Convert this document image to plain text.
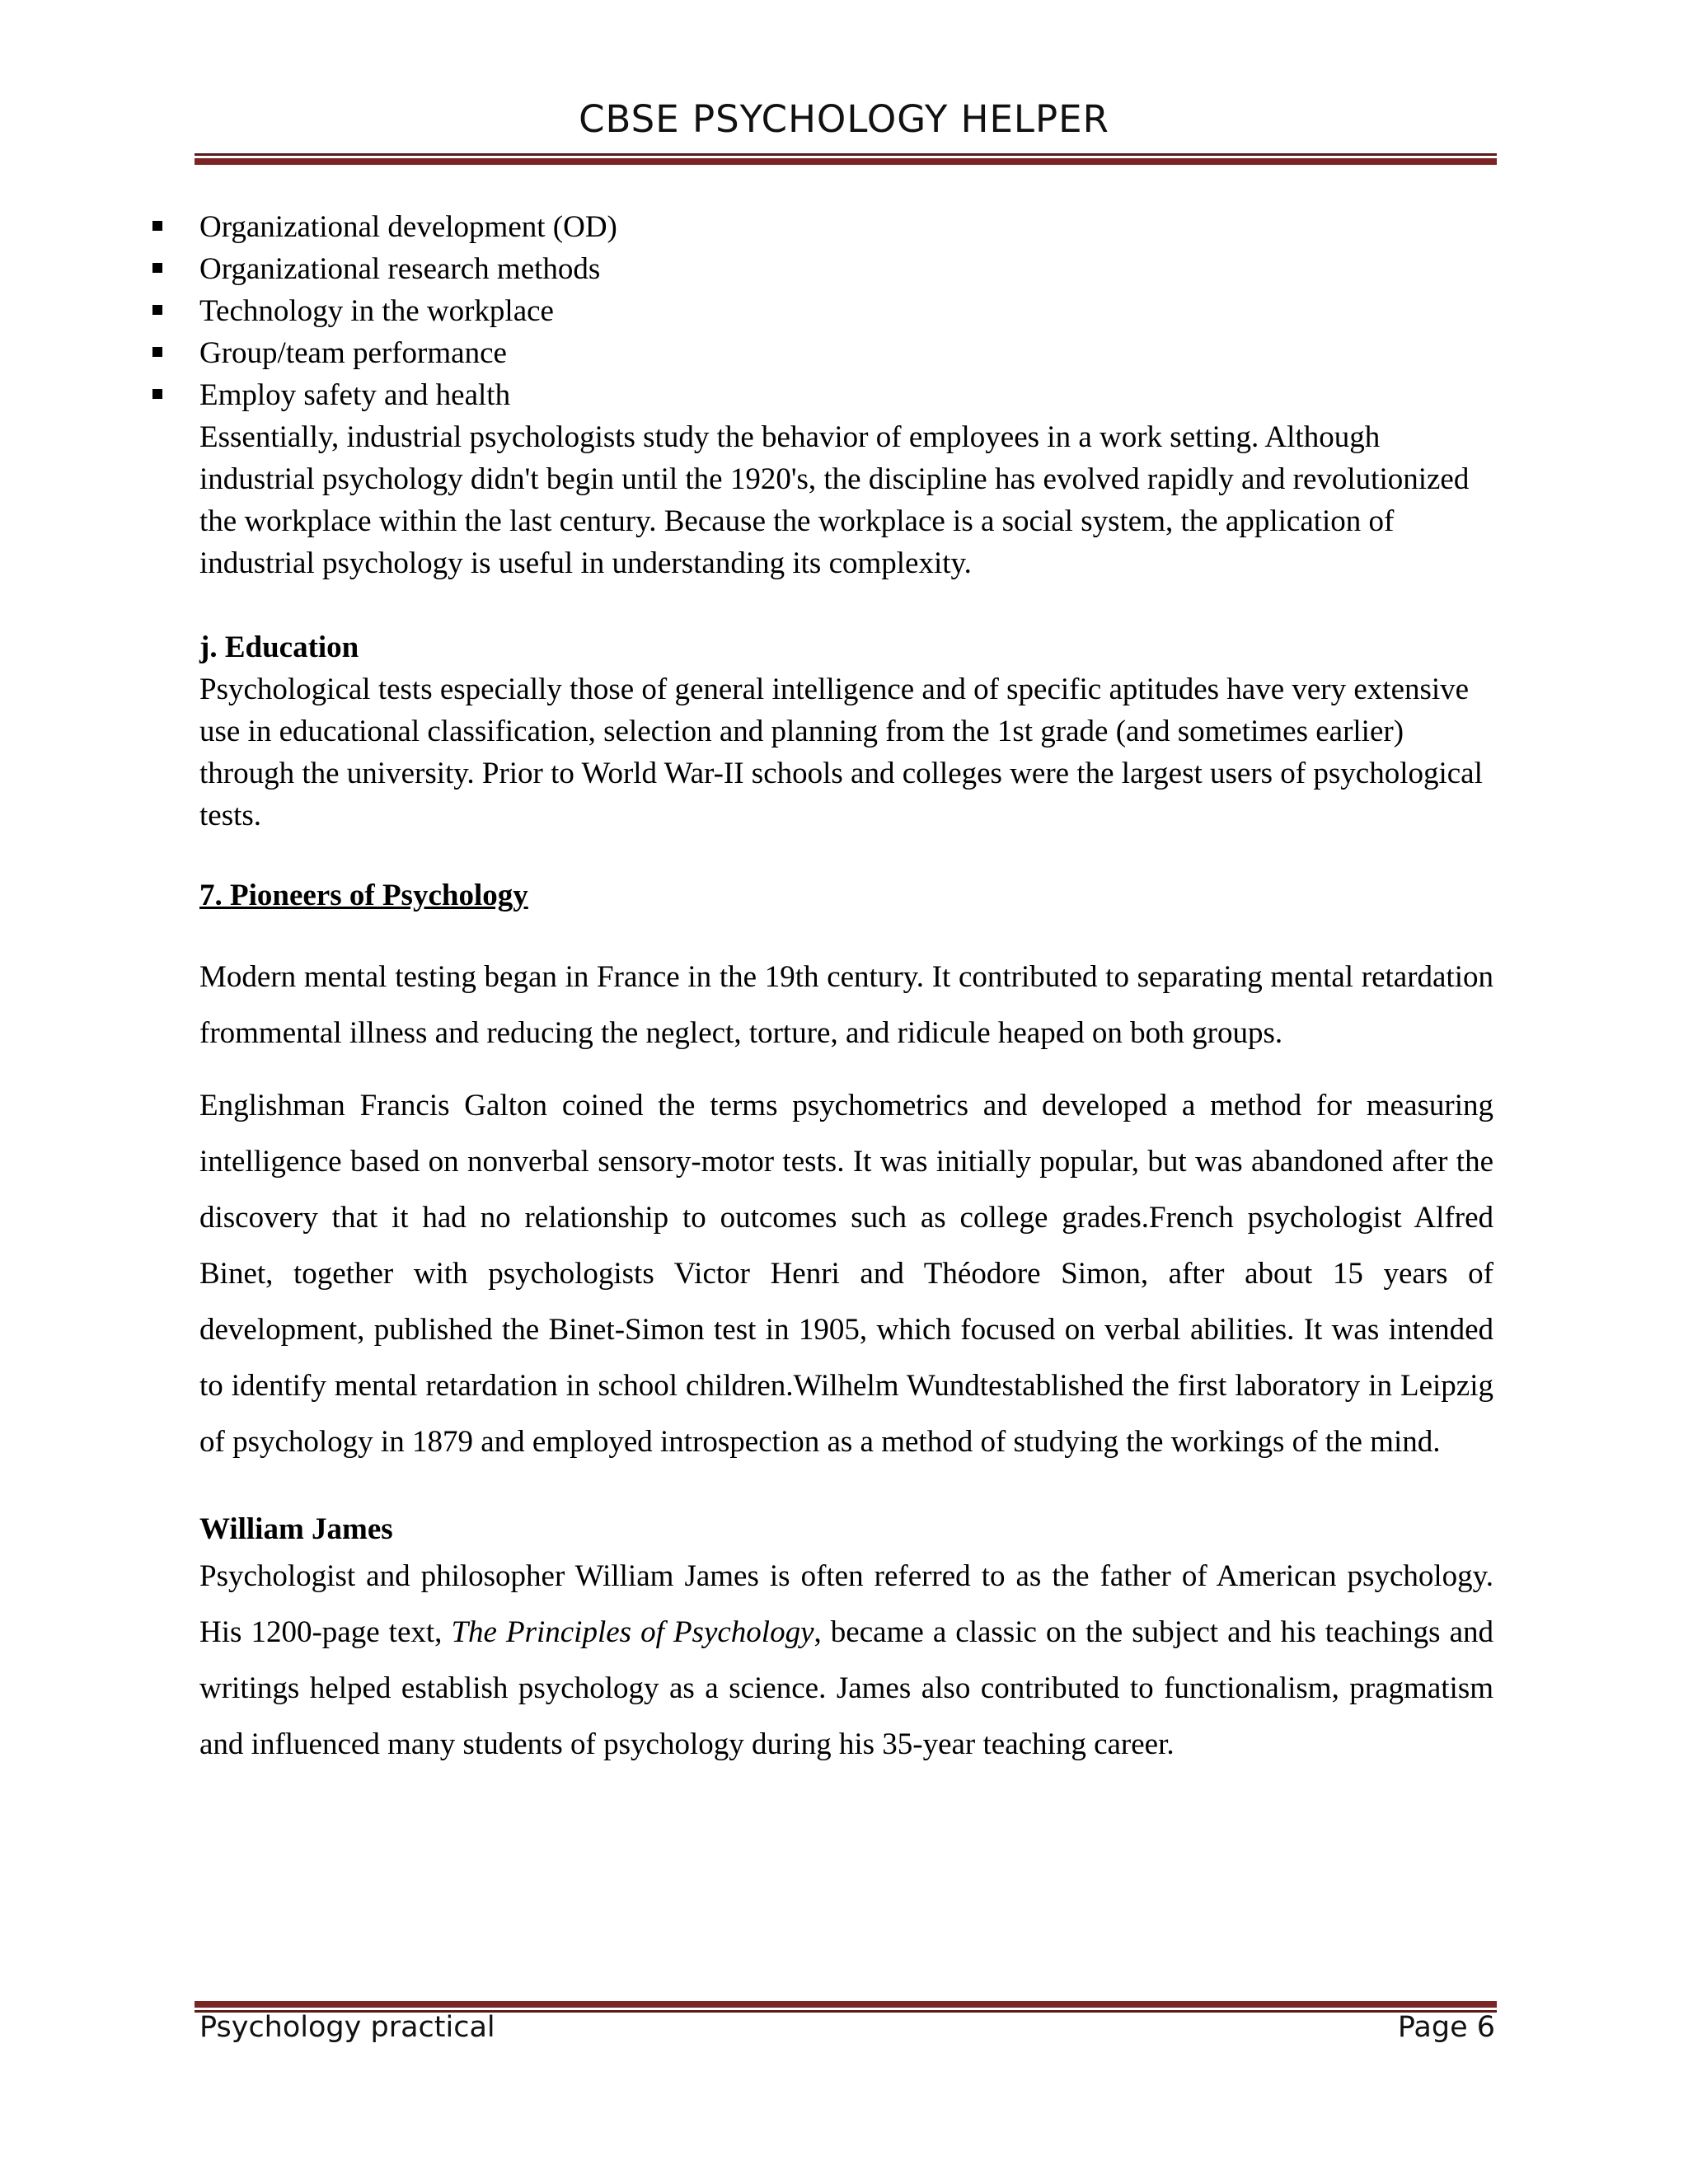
CBSE PSYCHOLOGY HELPER
Organizational development (OD)
Organizational research methods
Technology in the workplace
Group/team performance
Employ safety and health

Essentially, industrial psychologists study the behavior of employees in a work setting. Although industrial psychology didn't begin until the 1920's, the discipline has evolved rapidly and revolutionized the workplace within the last century. Because the workplace is a social system, the application of industrial psychology is useful in understanding its complexity.

j. Education

Psychological tests especially those of general intelligence and of specific aptitudes have very extensive use in educational classification, selection and planning from the 1st grade (and sometimes earlier) through the university. Prior to World War-II schools and colleges were the largest users of psychological tests.

7. Pioneers of Psychology

Modern mental testing began in France in the 19th century. It contributed to separating mental retardation frommental illness and reducing the neglect, torture, and ridicule heaped on both groups.

Englishman Francis Galton coined the terms psychometrics and developed a method for measuring intelligence based on nonverbal sensory-motor tests. It was initially popular, but was abandoned after the discovery that it had no relationship to outcomes such as college grades.French psychologist Alfred Binet, together with psychologists Victor Henri and Théodore Simon, after about 15 years of development, published the Binet-Simon test in 1905, which focused on verbal abilities. It was intended to identify mental retardation in school children.Wilhelm Wundtestablished the first laboratory in Leipzig of psychology in 1879 and employed introspection as a method of studying the workings of the mind.

William James

Psychologist and philosopher William James is often referred to as the father of American psychology. His 1200-page text, The Principles of Psychology, became a classic on the subject and his teachings and writings helped establish psychology as a science. James also contributed to functionalism, pragmatism and influenced many students of psychology during his 35-year teaching career.

Psychology practical	Page 6
